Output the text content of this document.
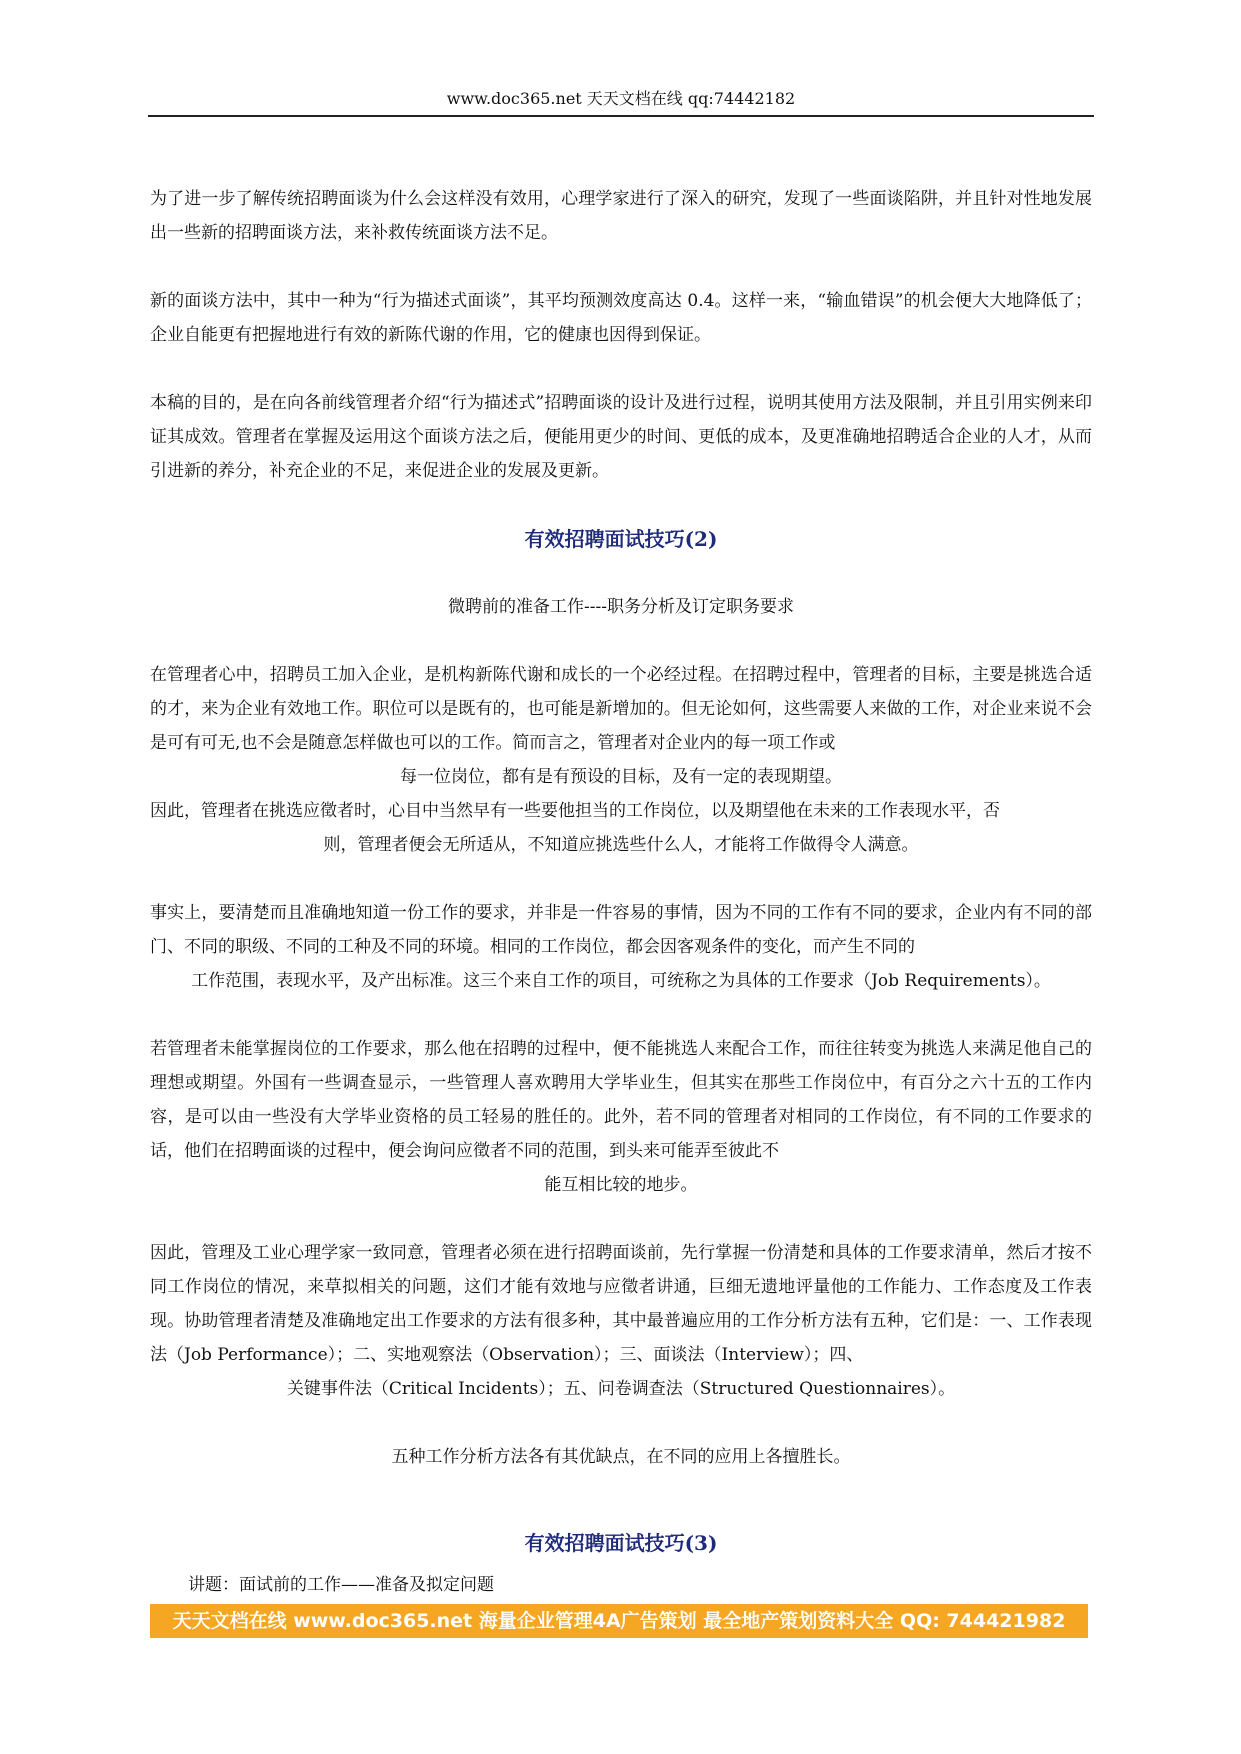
www.doc365.net 天天文档在线 qq:74442182

为了进一步了解传统招聘面谈为什么会这样没有效用，心理学家进行了深入的研究，发现了一些面谈陷阱，并且针对性地发展出一些新的招聘面谈方法，来补救传统面谈方法不足。

新的面谈方法中，其中一种为“行为描述式面谈”，其平均预测效度高达 0.4。这样一来，“输血错误”的机会便大大地降低了；企业自能更有把握地进行有效的新陈代谢的作用，它的健康也因得到保证。

本稿的目的，是在向各前线管理者介绍“行为描述式”招聘面谈的设计及进行过程，说明其使用方法及限制，并且引用实例来印证其成效。管理者在掌握及运用这个面谈方法之后，便能用更少的时间、更低的成本，及更准确地招聘适合企业的人才，从而引进新的养分，补充企业的不足，来促进企业的发展及更新。

有效招聘面试技巧(2)

微聘前的准备工作----职务分析及订定职务要求

在管理者心中，招聘员工加入企业，是机构新陈代谢和成长的一个必经过程。在招聘过程中，管理者的目标，主要是挑选合适的才，来为企业有效地工作。职位可以是既有的，也可能是新增加的。但无论如何，这些需要人来做的工作，对企业来说不会是可有可无,也不会是随意怎样做也可以的工作。简而言之，管理者对企业内的每一项工作或

每一位岗位，都有是有预设的目标，及有一定的表现期望。

因此，管理者在挑选应徵者时，心目中当然早有一些要他担当的工作岗位，以及期望他在未来的工作表现水平，否

则，管理者便会无所适从，不知道应挑选些什么人，才能将工作做得令人满意。

事实上，要清楚而且准确地知道一份工作的要求，并非是一件容易的事情，因为不同的工作有不同的要求，企业内有不同的部门、不同的职级、不同的工种及不同的环境。相同的工作岗位，都会因客观条件的变化，而产生不同的

工作范围，表现水平，及产出标准。这三个来自工作的项目，可统称之为具体的工作要求（Job Requirements）。

若管理者未能掌握岗位的工作要求，那么他在招聘的过程中，便不能挑选人来配合工作，而往往转变为挑选人来满足他自己的理想或期望。外国有一些调查显示，一些管理人喜欢聘用大学毕业生，但其实在那些工作岗位中，有百分之六十五的工作内容，是可以由一些没有大学毕业资格的员工轻易的胜任的。此外，若不同的管理者对相同的工作岗位，有不同的工作要求的话，他们在招聘面谈的过程中，便会询问应徵者不同的范围，到头来可能弄至彼此不

能互相比较的地步。

因此，管理及工业心理学家一致同意，管理者必须在进行招聘面谈前，先行掌握一份清楚和具体的工作要求清单，然后才按不同工作岗位的情况，来草拟相关的问题，这们才能有效地与应徵者讲通，巨细无遗地评量他的工作能力、工作态度及工作表现。协助管理者清楚及准确地定出工作要求的方法有很多种，其中最普遍应用的工作分析方法有五种，它们是：一、工作表现法（Job Performance）；二、实地观察法（Observation）；三、面谈法（Interview）；四、

关键事件法（Critical Incidents）；五、问卷调查法（Structured Questionnaires）。

五种工作分析方法各有其优缺点，在不同的应用上各擅胜长。

有效招聘面试技巧(3)

讲题：面试前的工作——准备及拟定问题

天天文档在线 www.doc365.net 海量企业管理4A广告策划 最全地产策划资料大全 QQ: 744421982
